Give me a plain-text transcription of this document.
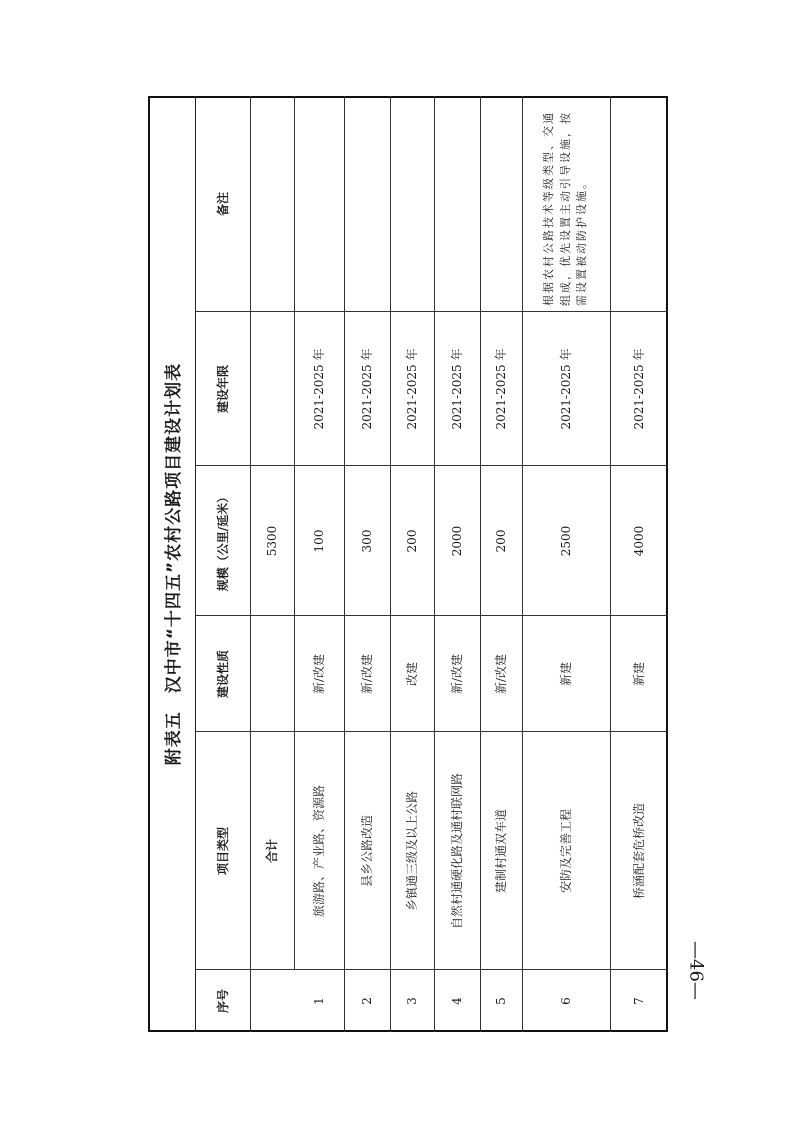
附表五　汉中市“十四五”农村公路项目建设计划表
序号
项目类型
建设性质
规模（公里/延米）
建设年限
备注
合计
5300
1
旅游路、产业路、资源路
新/改建
100
2021-2025 年
2
县乡公路改造
新/改建
300
2021-2025 年
3
乡镇通三级及以上公路
改建
200
2021-2025 年
4
自然村通硬化路及通村联网路
新/改建
2000
2021-2025 年
5
建制村通双车道
新/改建
200
2021-2025 年
6
安防及完善工程
新建
2500
2021-2025 年
根据农村公路技术等级类型、交通组成，优先设置主动引导设施，按需设置被动防护设施。
7
桥涵配套危桥改造
新建
4000
2021-2025 年
—46—
